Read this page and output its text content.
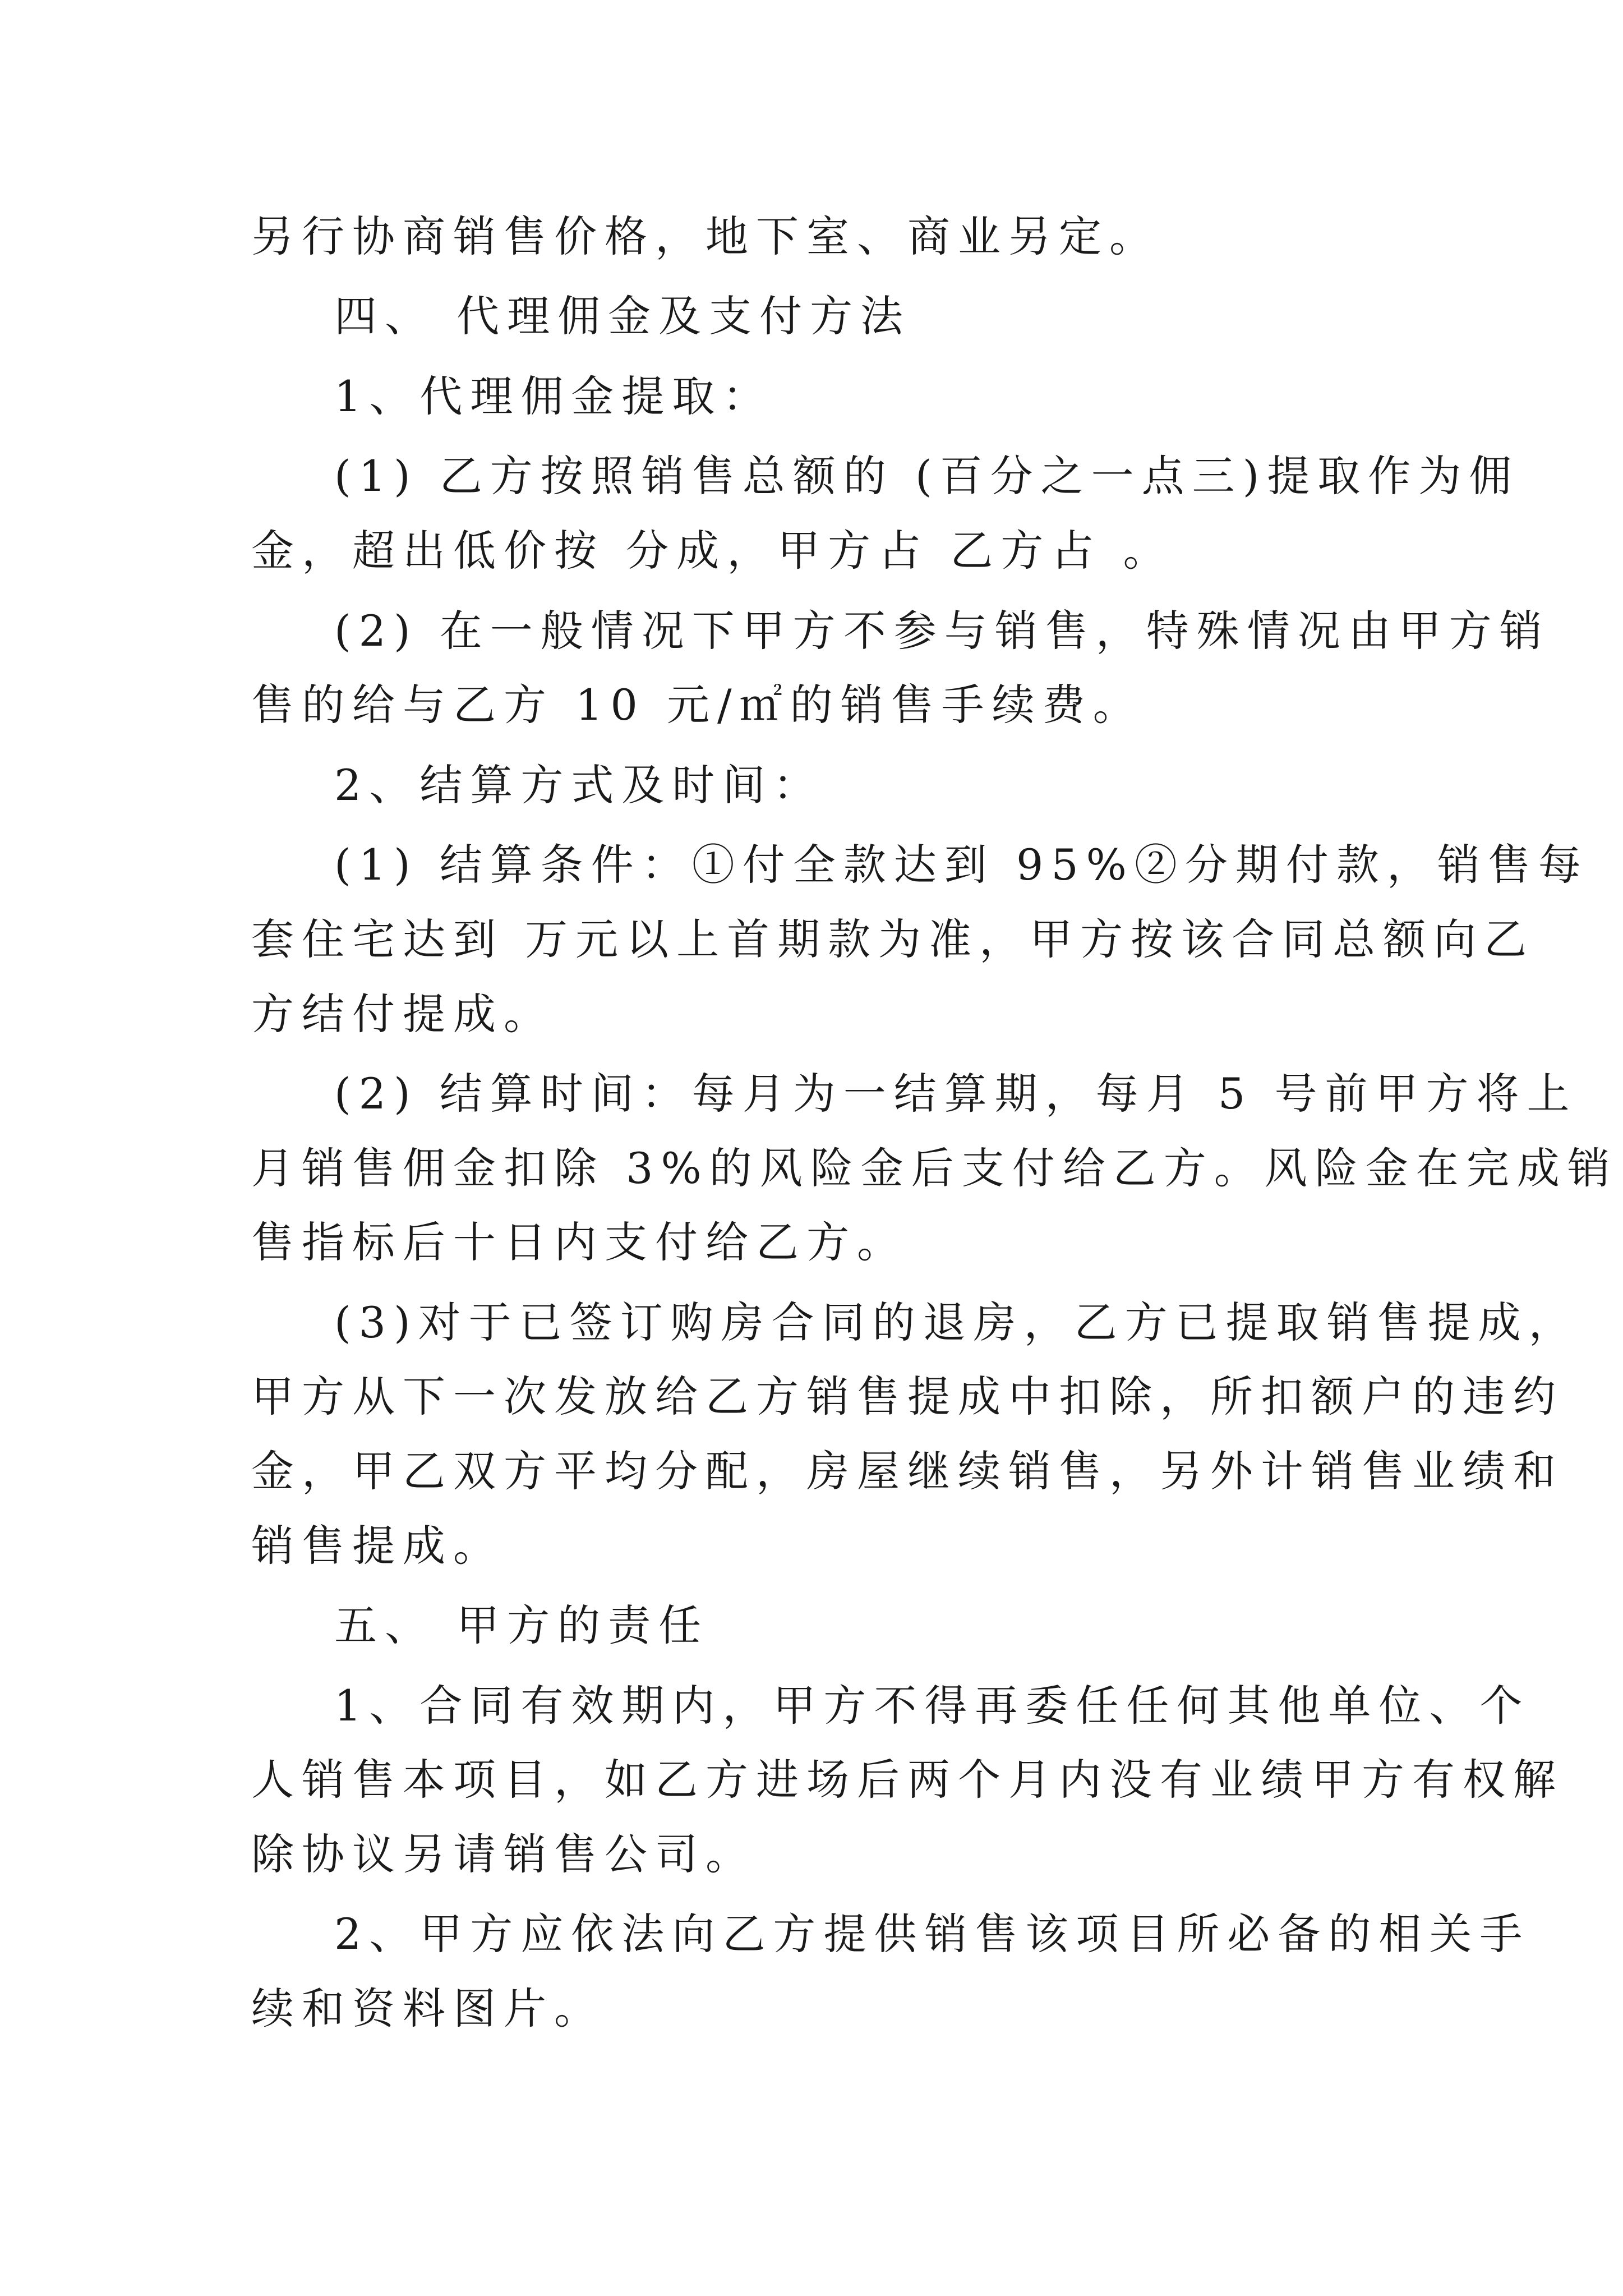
另行协商销售价格，地下室、商业另定。
四、 代理佣金及支付方法
1、代理佣金提取：
(1) 乙方按照销售总额的 (百分之一点三)提取作为佣
金，超出低价按 分成，甲方占 乙方占 。
(2) 在一般情况下甲方不参与销售，特殊情况由甲方销
售的给与乙方 10 元/㎡的销售手续费。
2、结算方式及时间：
(1) 结算条件：①付全款达到 95%②分期付款，销售每
套住宅达到 万元以上首期款为准，甲方按该合同总额向乙
方结付提成。
(2) 结算时间：每月为一结算期，每月 5 号前甲方将上
月销售佣金扣除 3%的风险金后支付给乙方。风险金在完成销
售指标后十日内支付给乙方。
(3)对于已签订购房合同的退房，乙方已提取销售提成，
甲方从下一次发放给乙方销售提成中扣除，所扣额户的违约
金，甲乙双方平均分配，房屋继续销售，另外计销售业绩和
销售提成。
五、 甲方的责任
1、合同有效期内，甲方不得再委任任何其他单位、个
人销售本项目，如乙方进场后两个月内没有业绩甲方有权解
除协议另请销售公司。
2、甲方应依法向乙方提供销售该项目所必备的相关手
续和资料图片。
